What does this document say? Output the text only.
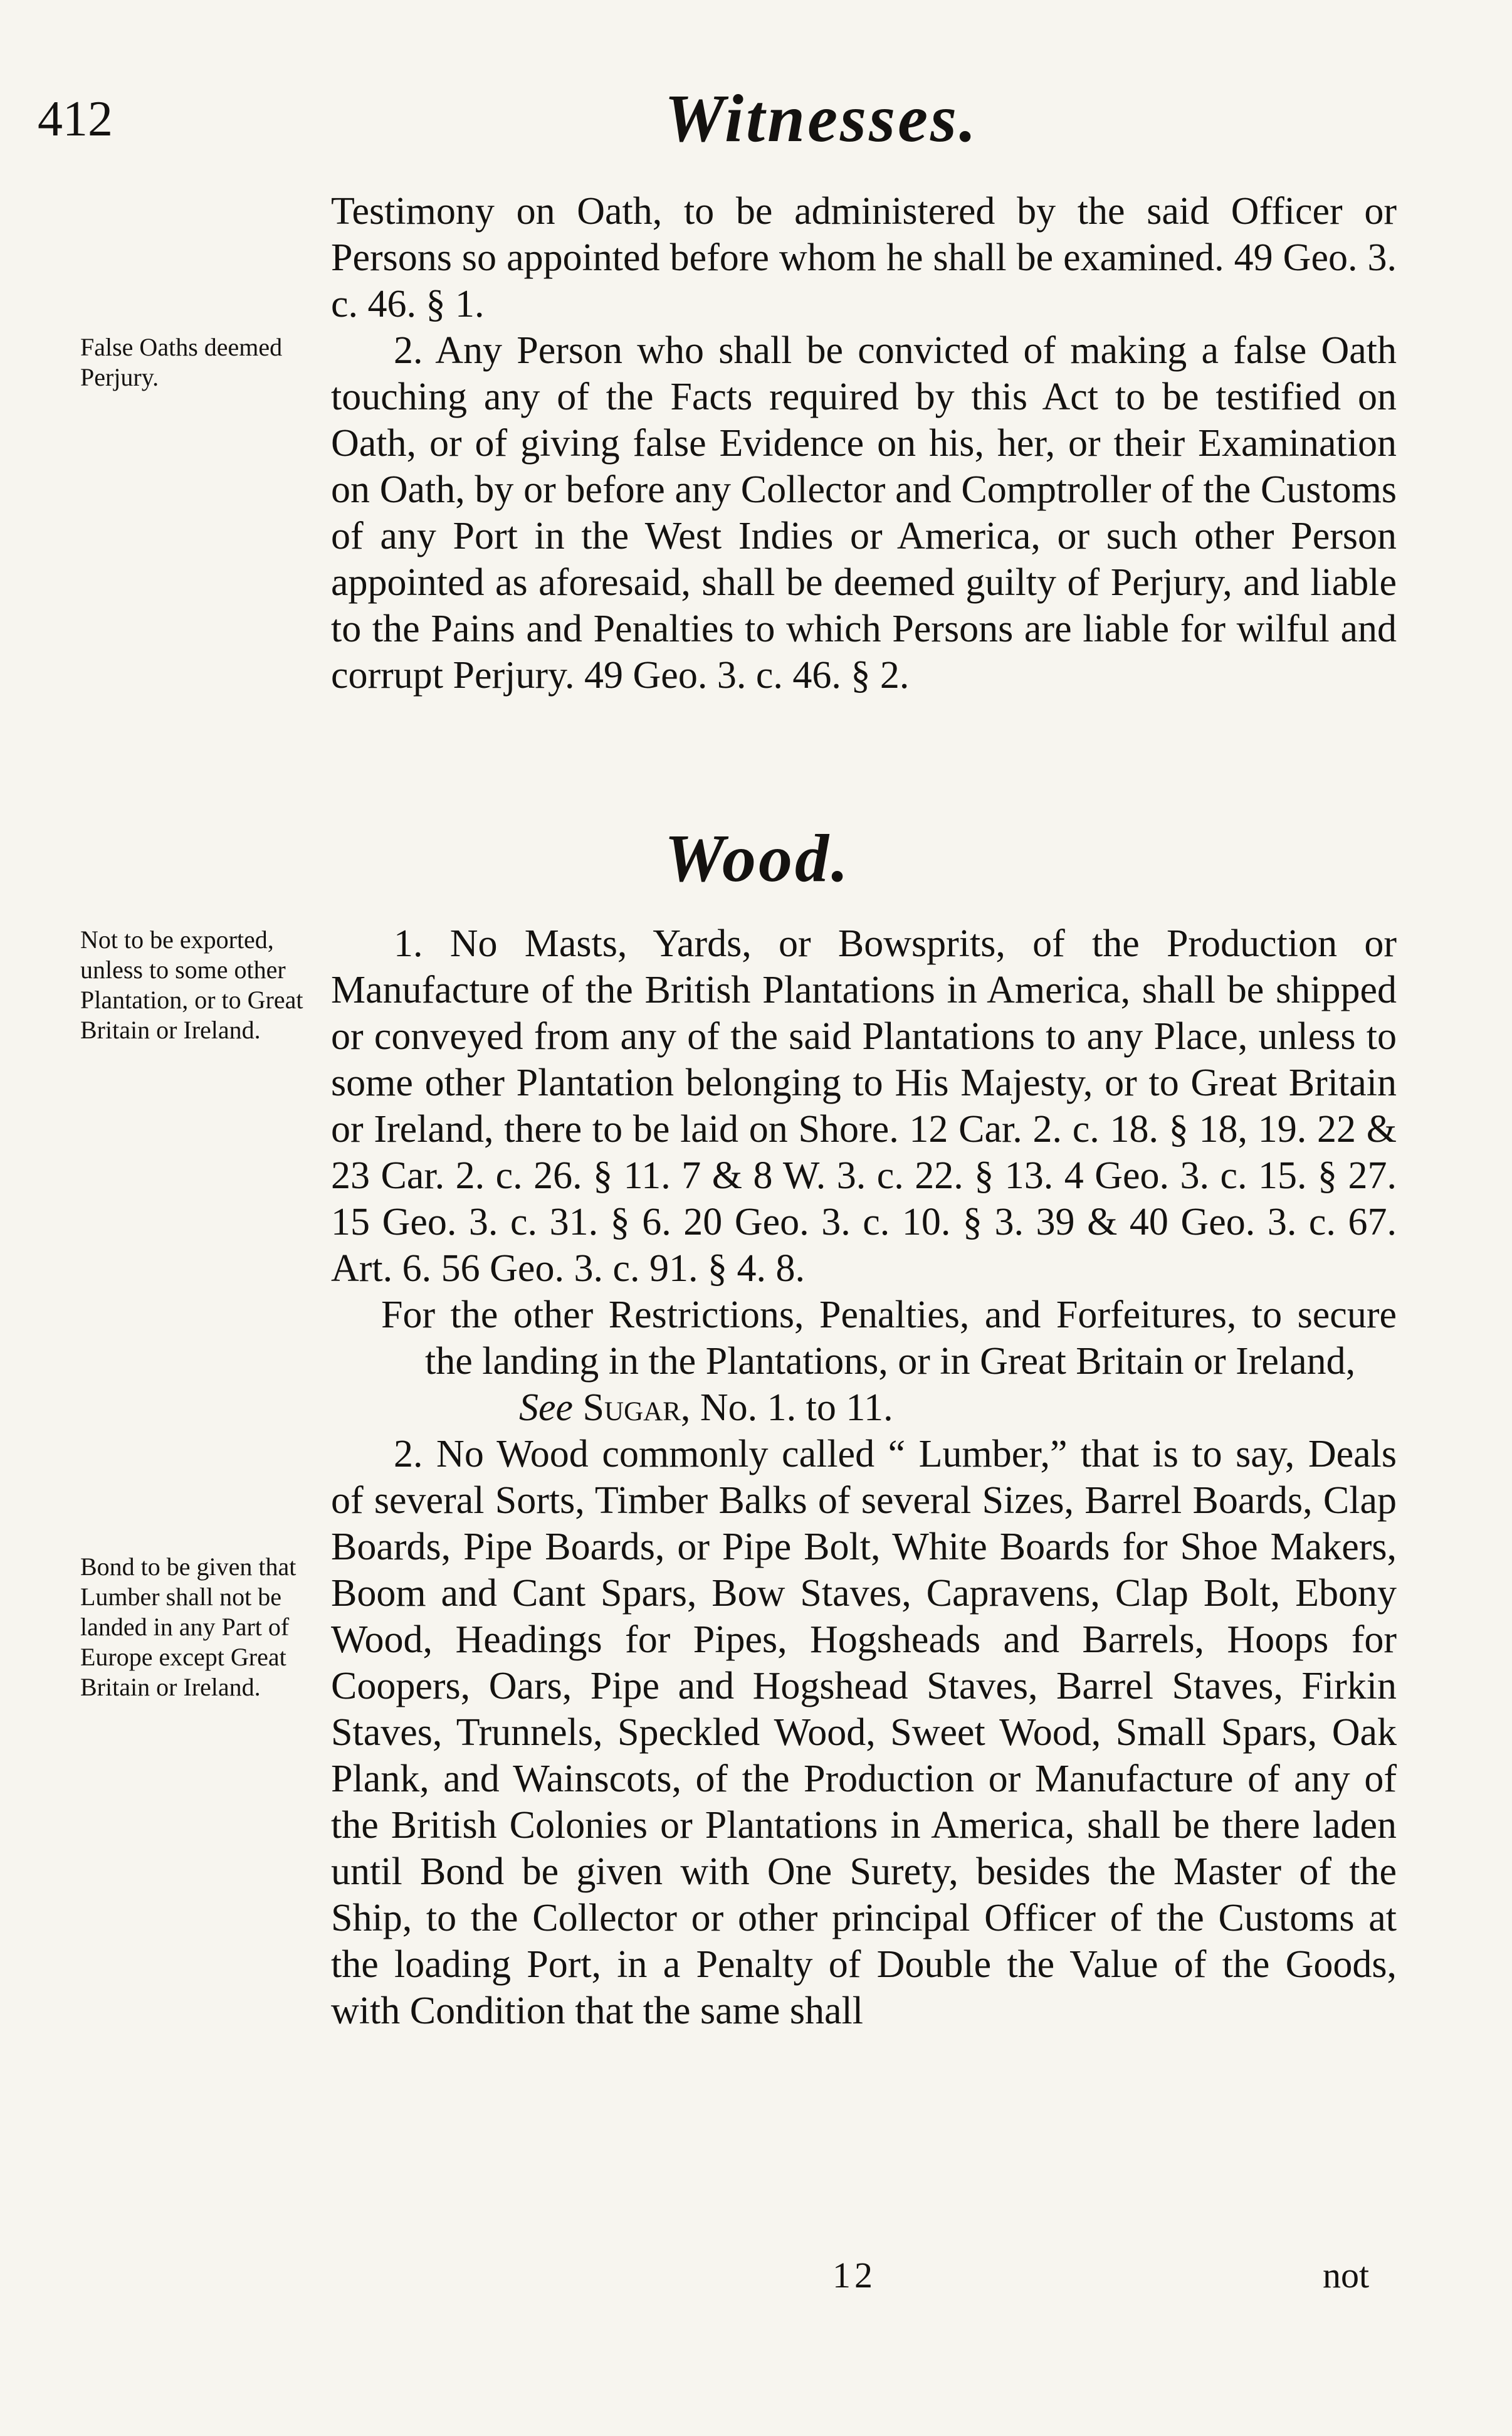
412	Witnesses.

Testimony on Oath, to be administered by the said Officer or Persons so appointed before whom he shall be examined. 49 Geo. 3. c. 46. § 1.

2. Any Person who shall be convicted of making a false Oath touching any of the Facts required by this Act to be testified on Oath, or of giving false Evidence on his, her, or their Examination on Oath, by or before any Collector and Comptroller of the Customs of any Port in the West Indies or America, or such other Person appointed as aforesaid, shall be deemed guilty of Perjury, and liable to the Pains and Penalties to which Persons are liable for wilful and corrupt Perjury. 49 Geo. 3. c. 46. § 2.

Wood.

1. No Masts, Yards, or Bowsprits, of the Production or Manufacture of the British Plantations in America, shall be shipped or conveyed from any of the said Plantations to any Place, unless to some other Plantation belonging to His Majesty, or to Great Britain or Ireland, there to be laid on Shore. 12 Car. 2. c. 18. § 18, 19. 22 & 23 Car. 2. c. 26. § 11. 7 & 8 W. 3. c. 22. § 13. 4 Geo. 3. c. 15. § 27. 15 Geo. 3. c. 31. § 6. 20 Geo. 3. c. 10. § 3. 39 & 40 Geo. 3. c. 67. Art. 6. 56 Geo. 3. c. 91. § 4. 8.

For the other Restrictions, Penalties, and Forfeitures, to secure the landing in the Plantations, or in Great Britain or Ireland,

See Sugar, No. 1. to 11.

2. No Wood commonly called “ Lumber,” that is to say, Deals of several Sorts, Timber Balks of several Sizes, Barrel Boards, Clap Boards, Pipe Boards, or Pipe Bolt, White Boards for Shoe Makers, Boom and Cant Spars, Bow Staves, Capravens, Clap Bolt, Ebony Wood, Headings for Pipes, Hogsheads and Barrels, Hoops for Coopers, Oars, Pipe and Hogshead Staves, Barrel Staves, Firkin Staves, Trunnels, Speckled Wood, Sweet Wood, Small Spars, Oak Plank, and Wainscots, of the Production or Manufacture of any of the British Colonies or Plantations in America, shall be there laden until Bond be given with One Surety, besides the Master of the Ship, to the Collector or other principal Officer of the Customs at the loading Port, in a Penalty of Double the Value of the Goods, with Condition that the same shall

False Oaths deemed Perjury.
Not to be exported, unless to some other Plantation, or to Great Britain or Ireland.
Bond to be given that Lumber shall not be landed in any Part of Europe except Great Britain or Ireland.
12	not
